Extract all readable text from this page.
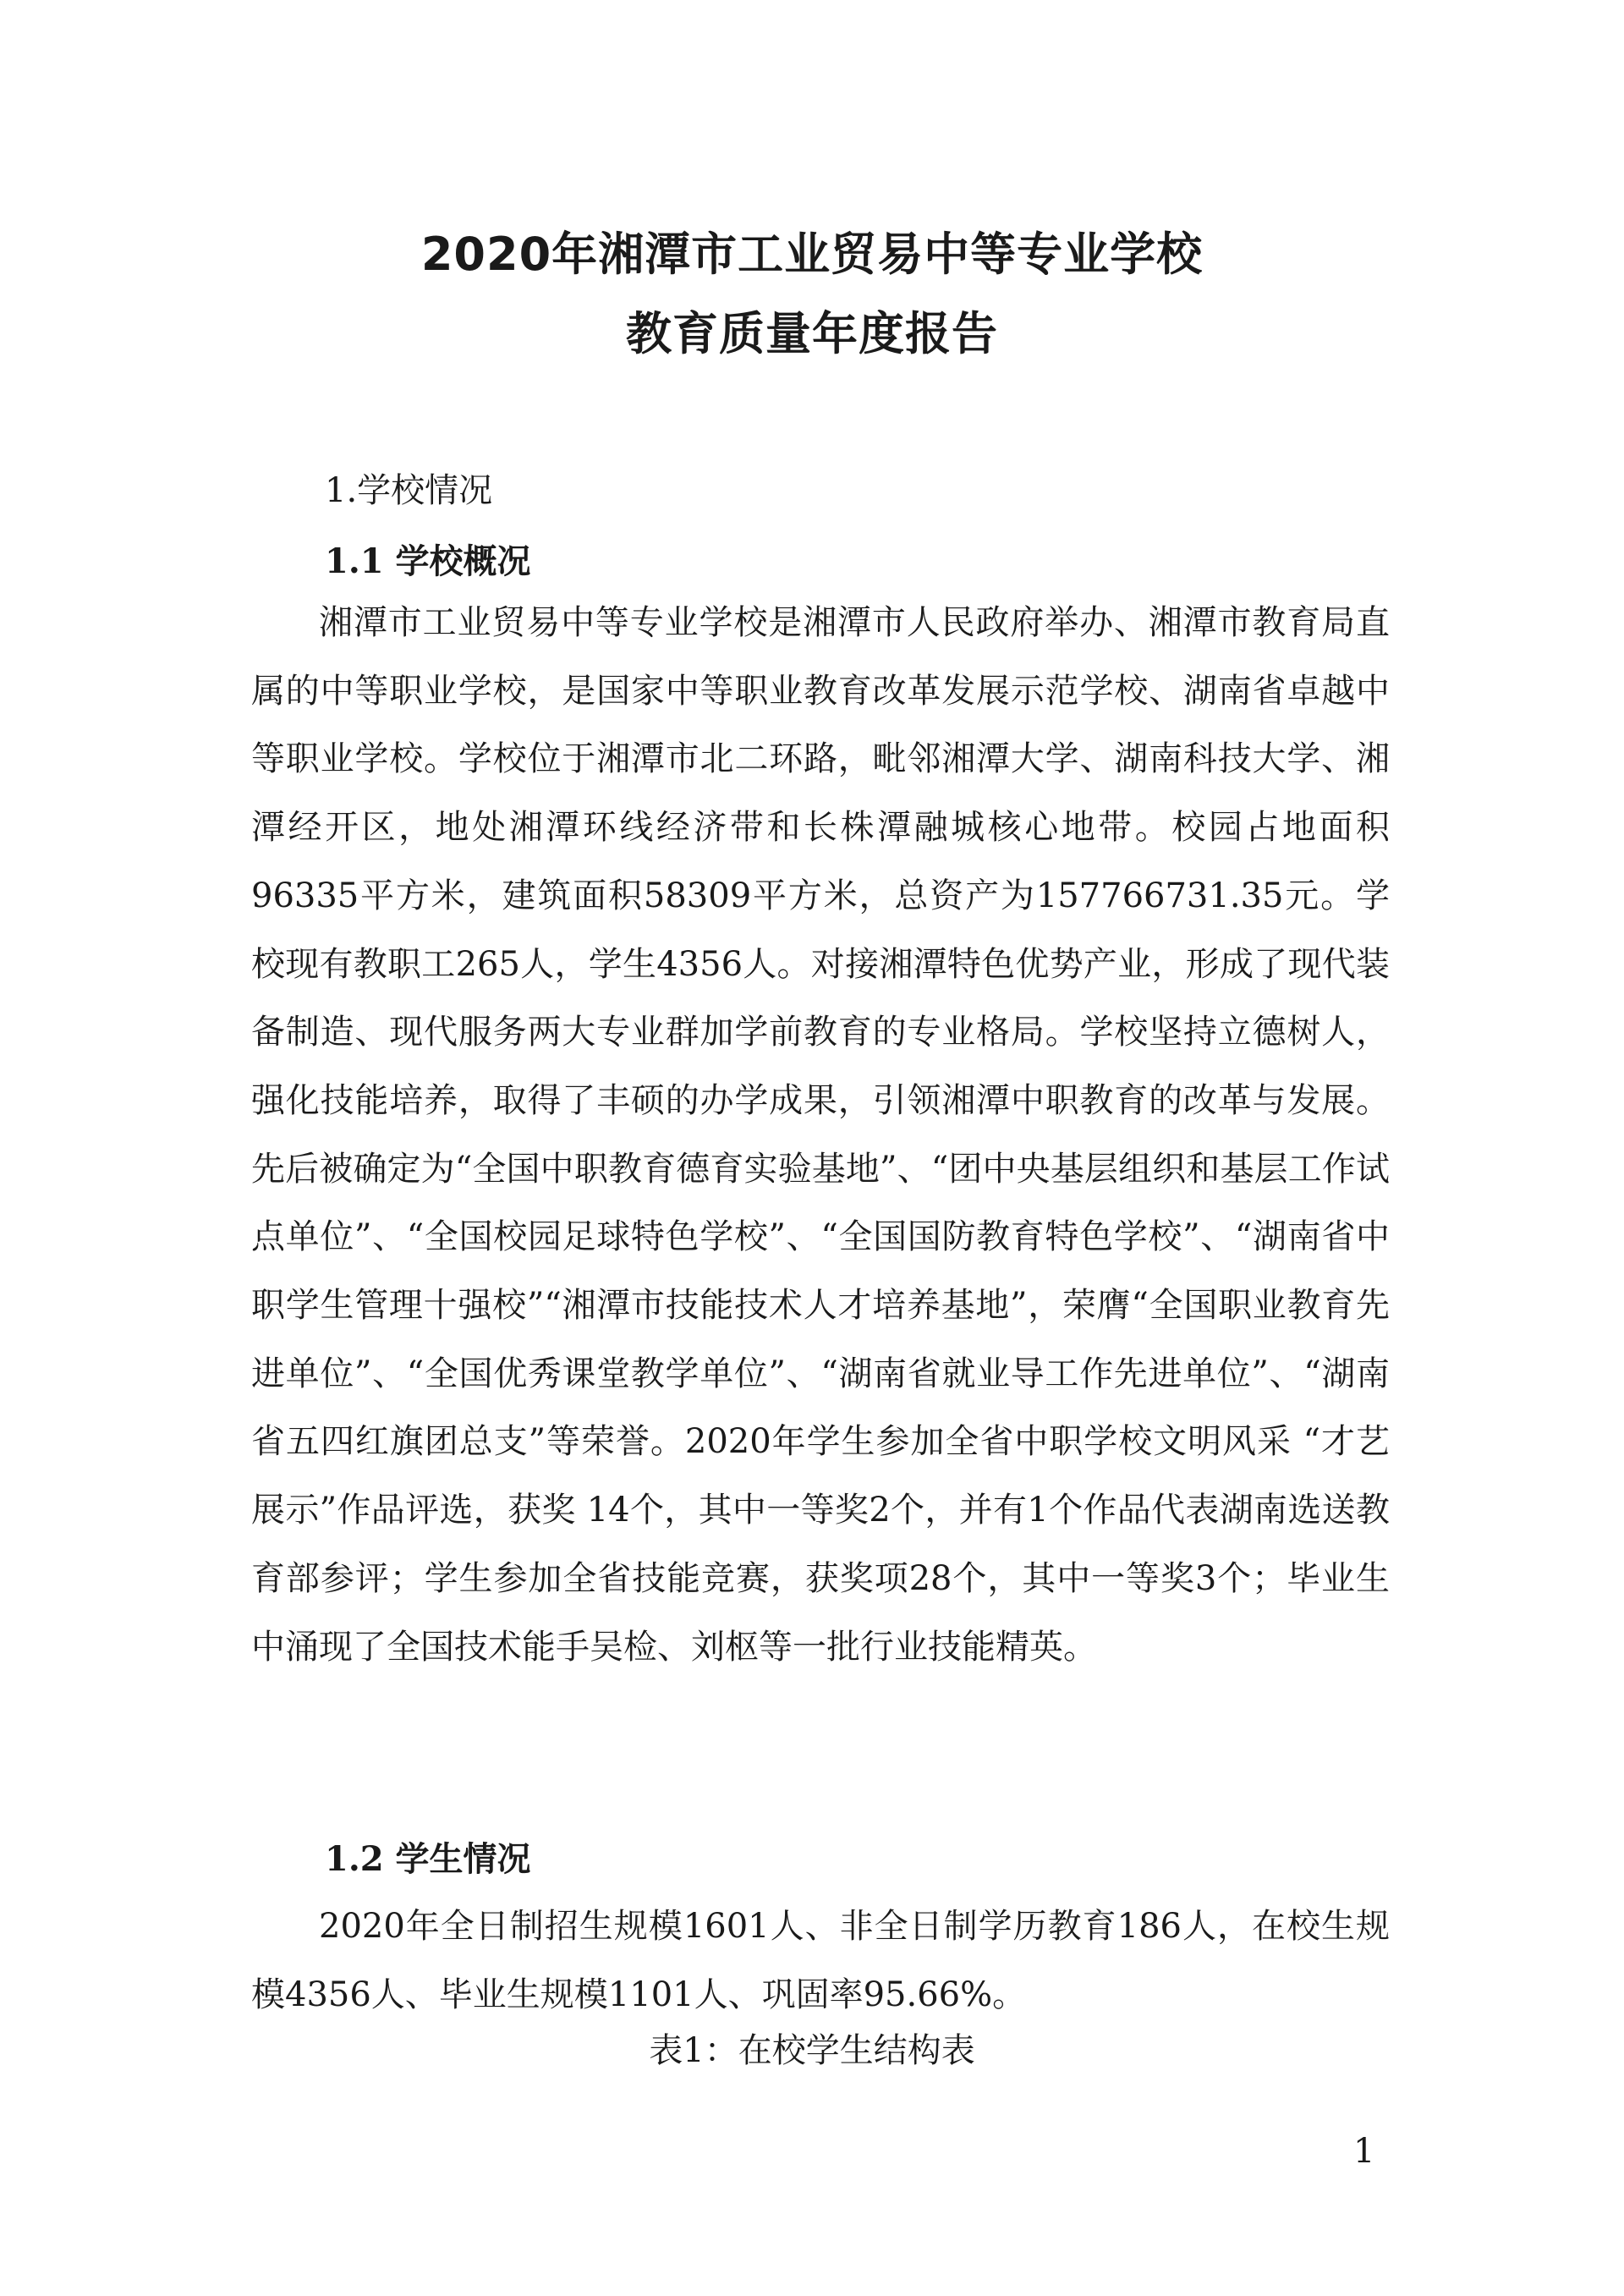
2020年湘潭市工业贸易中等专业学校
教育质量年度报告
1.学校情况
1.1 学校概况

湘潭市工业贸易中等专业学校是湘潭市人民政府举办、湘潭市教育局直属的中等职业学校，是国家中等职业教育改革发展示范学校、湖南省卓越中等职业学校。学校位于湘潭市北二环路，毗邻湘潭大学、湖南科技大学、湘潭经开区，地处湘潭环线经济带和长株潭融城核心地带。校园占地面积96335平方米，建筑面积58309平方米，总资产为157766731.35元。学校现有教职工265人，学生4356人。对接湘潭特色优势产业，形成了现代装备制造、现代服务两大专业群加学前教育的专业格局。学校坚持立德树人，强化技能培养，取得了丰硕的办学成果，引领湘潭中职教育的改革与发展。先后被确定为“全国中职教育德育实验基地”、“团中央基层组织和基层工作试点单位”、“全国校园足球特色学校”、“全国国防教育特色学校”、“湖南省中职学生管理十强校”“湘潭市技能技术人才培养基地”，荣膺“全国职业教育先进单位”、“全国优秀课堂教学单位”、“湖南省就业导工作先进单位”、“湖南省五四红旗团总支”等荣誉。2020年学生参加全省中职学校文明风采 “才艺展示”作品评选，获奖 14个，其中一等奖2个，并有1个作品代表湖南选送教育部参评；学生参加全省技能竞赛，获奖项28个，其中一等奖3个；毕业生中涌现了全国技术能手吴检、刘枢等一批行业技能精英。

1.2 学生情况

2020年全日制招生规模1601人、非全日制学历教育186人，在校生规模4356人、毕业生规模1101人、巩固率95.66%。

表1：在校学生结构表
1
